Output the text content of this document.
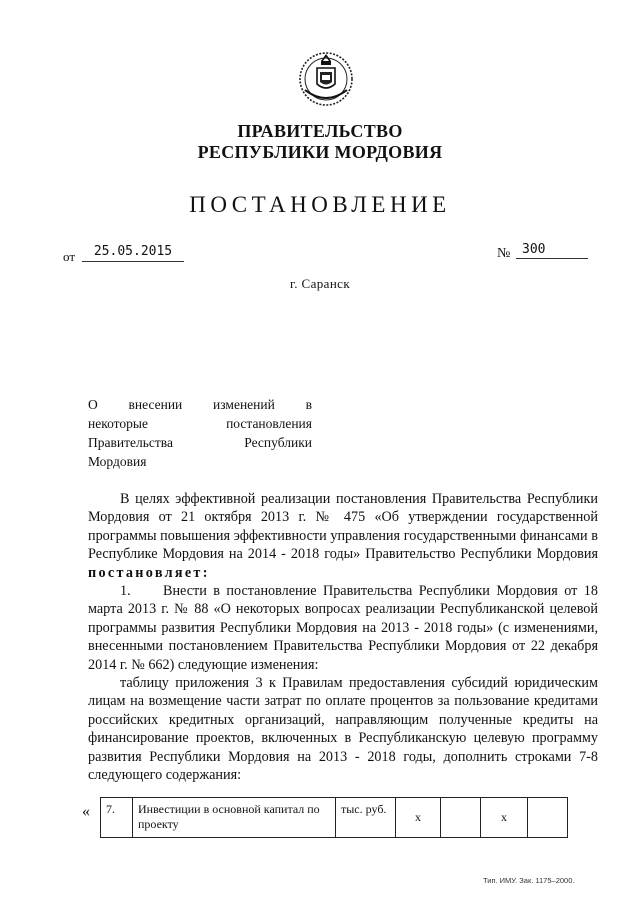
ПРАВИТЕЛЬСТВО
РЕСПУБЛИКИ МОРДОВИЯ
ПОСТАНОВЛЕНИЕ
от	25.05.2015	№ 300
г. Саранск
О внесении изменений в
некоторые постановления
Правительства Республики
Мордовия

В целях эффективной реализации постановления Правительства Республики Мордовия от 21 октября 2013 г. № 475 «Об утверждении государственной программы повышения эффективности управления государственными финансами в Республике Мордовия на 2014 - 2018 годы» Правительство Республики Мордовия постановляет:

1.     Внести в постановление Правительства Республики Мордовия от 18 марта 2013 г. № 88 «О некоторых вопросах реализации Республиканской целевой программы развития Республики Мордовия на 2013 - 2018 годы» (с изменениями, внесенными постановлением Правительства Республики Мордовия от 22 декабря 2014 г. № 662) следующие изменения:

таблицу приложения 3 к Правилам предоставления субсидий юридическим лицам на возмещение части затрат по оплате процентов за пользование кредитами российских кредитных организаций, направляющим полученные кредиты на финансирование проектов, включенных в Республиканскую целевую программу развития Республики Мордовия на 2013 - 2018 годы, дополнить строками 7-8 следующего содержания:

« 7.	Инвестиции в основной капитал по проекту	тыс. руб.	х		х	
Тип. ИМУ. Зак. 1175–2000.
